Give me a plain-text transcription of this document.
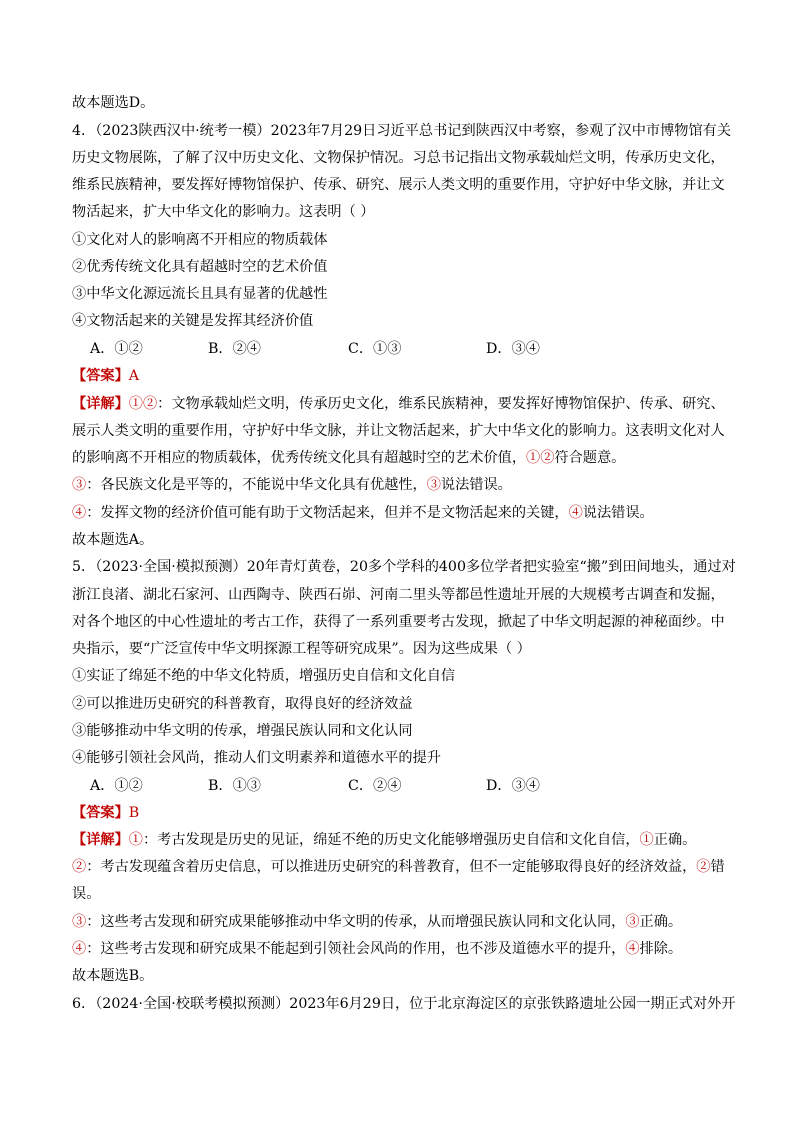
故本题选D。
4．（2023陕西汉中·统考一模）2023年7月29日习近平总书记到陕西汉中考察，参观了汉中市博物馆有关
历史文物展陈，了解了汉中历史文化、文物保护情况。习总书记指出文物承载灿烂文明，传承历史文化，
维系民族精神，要发挥好博物馆保护、传承、研究、展示人类文明的重要作用，守护好中华文脉，并让文
物活起来，扩大中华文化的影响力。这表明（ ）
①文化对人的影响离不开相应的物质载体
②优秀传统文化具有超越时空的艺术价值
③中华文化源远流长且具有显著的优越性
④文物活起来的关键是发挥其经济价值
A．①②	B．②④	C．①③	D．③④
【答案】A
【详解】①②：文物承载灿烂文明，传承历史文化，维系民族精神，要发挥好博物馆保护、传承、研究、
展示人类文明的重要作用，守护好中华文脉，并让文物活起来，扩大中华文化的影响力。这表明文化对人
的影响离不开相应的物质载体，优秀传统文化具有超越时空的艺术价值，①②符合题意。
③：各民族文化是平等的，不能说中华文化具有优越性，③说法错误。
④：发挥文物的经济价值可能有助于文物活起来，但并不是文物活起来的关键，④说法错误。
故本题选A。
5．（2023·全国·模拟预测）20年青灯黄卷，20多个学科的400多位学者把实验室“搬”到田间地头，通过对
浙江良渚、湖北石家河、山西陶寺、陕西石峁、河南二里头等都邑性遗址开展的大规模考古调查和发掘，
对各个地区的中心性遗址的考古工作，获得了一系列重要考古发现，掀起了中华文明起源的神秘面纱。中
央指示，要“广泛宣传中华文明探源工程等研究成果”。因为这些成果（ ）
①实证了绵延不绝的中华文化特质，增强历史自信和文化自信
②可以推进历史研究的科普教育，取得良好的经济效益
③能够推动中华文明的传承，增强民族认同和文化认同
④能够引领社会风尚，推动人们文明素养和道德水平的提升
A．①②	B．①③	C．②④	D．③④
【答案】B
【详解】①：考古发现是历史的见证，绵延不绝的历史文化能够增强历史自信和文化自信，①正确。
②：考古发现蕴含着历史信息，可以推进历史研究的科普教育，但不一定能够取得良好的经济效益，②错
误。
③：这些考古发现和研究成果能够推动中华文明的传承，从而增强民族认同和文化认同，③正确。
④：这些考古发现和研究成果不能起到引领社会风尚的作用，也不涉及道德水平的提升，④排除。
故本题选B。
6．（2024·全国·校联考模拟预测）2023年6月29日，位于北京海淀区的京张铁路遗址公园一期正式对外开
